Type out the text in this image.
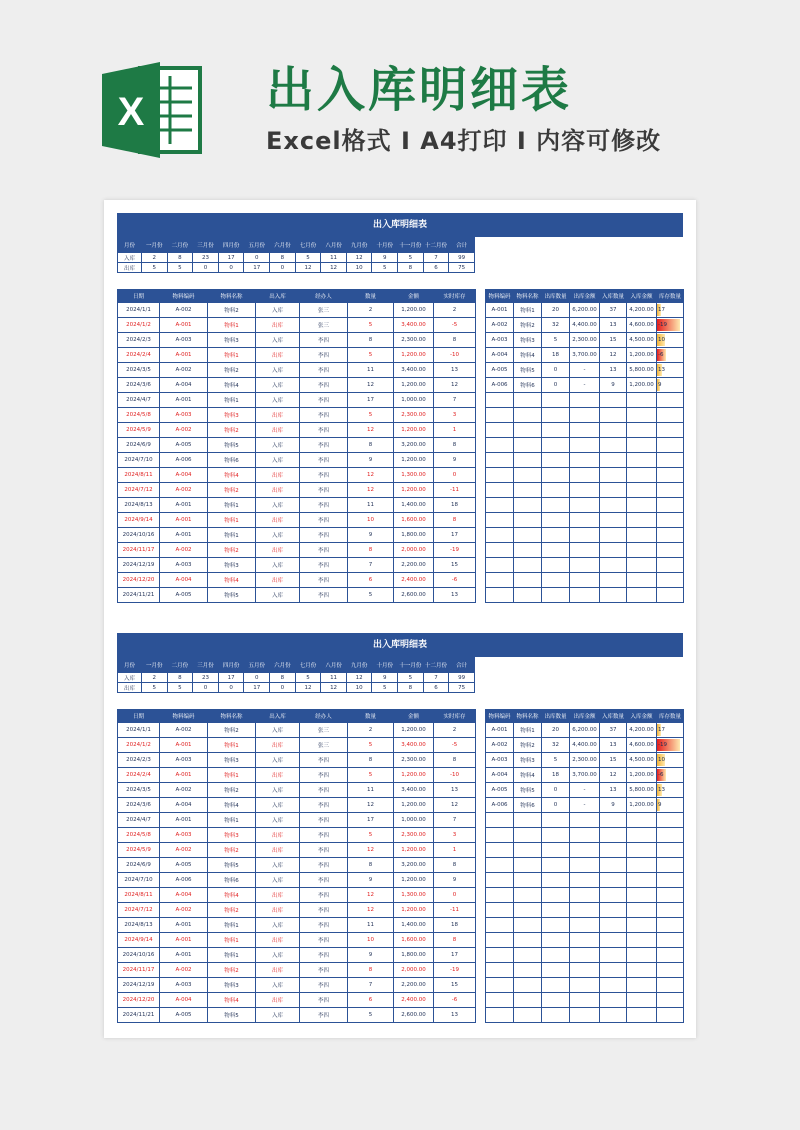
X	出入库明细表
Excel格式 I A4打印 I 内容可修改
出入库明细表
月份	一月份	二月份	三月份	四月份	五月份	六月份	七月份	八月份	九月份	十月份	十一月份	十二月份	合计
入库	2	8	23	17	0	8	5	11	12	9	5	7	99
出库	5	5	0	0	17	0	12	12	10	5	8	6	75
日期	物料编码	物料名称	出入库	经办人	数量	金额	实时库存
2024/1/1	A-002	物料2	入库	张三	2	1,200.00	2
2024/1/2	A-001	物料1	出库	张三	5	3,400.00	-5
2024/2/3	A-003	物料3	入库	李四	8	2,300.00	8
2024/2/4	A-001	物料1	出库	李四	5	1,200.00	-10
2024/3/5	A-002	物料2	入库	李四	11	3,400.00	13
2024/3/6	A-004	物料4	入库	李四	12	1,200.00	12
2024/4/7	A-001	物料1	入库	李四	17	1,000.00	7
2024/5/8	A-003	物料3	出库	李四	5	2,300.00	3
2024/5/9	A-002	物料2	出库	李四	12	1,200.00	1
2024/6/9	A-005	物料5	入库	李四	8	3,200.00	8
2024/7/10	A-006	物料6	入库	李四	9	1,200.00	9
2024/8/11	A-004	物料4	出库	李四	12	1,300.00	0
2024/7/12	A-002	物料2	出库	李四	12	1,200.00	-11
2024/8/13	A-001	物料1	入库	李四	11	1,400.00	18
2024/9/14	A-001	物料1	出库	李四	10	1,600.00	8
2024/10/16	A-001	物料1	入库	李四	9	1,800.00	17
2024/11/17	A-002	物料2	出库	李四	8	2,000.00	-19
2024/12/19	A-003	物料3	入库	李四	7	2,200.00	15
2024/12/20	A-004	物料4	出库	李四	6	2,400.00	-6
2024/11/21	A-005	物料5	入库	李四	5	2,600.00	13
物料编码	物料名称	出库数量	出库金额	入库数量	入库金额	库存数量
A-001	物料1	20	6,200.00	37	4,200.00	17
A-002	物料2	32	4,400.00	13	4,600.00	-19
A-003	物料3	5	2,300.00	15	4,500.00	10
A-004	物料4	18	3,700.00	12	1,200.00	-6
A-005	物料5	0	-	13	5,800.00	13
A-006	物料6	0	-	9	1,200.00	9

出入库明细表
月份	一月份	二月份	三月份	四月份	五月份	六月份	七月份	八月份	九月份	十月份	十一月份	十二月份	合计
入库	2	8	23	17	0	8	5	11	12	9	5	7	99
出库	5	5	0	0	17	0	12	12	10	5	8	6	75
日期	物料编码	物料名称	出入库	经办人	数量	金额	实时库存
2024/1/1	A-002	物料2	入库	张三	2	1,200.00	2
2024/1/2	A-001	物料1	出库	张三	5	3,400.00	-5
2024/2/3	A-003	物料3	入库	李四	8	2,300.00	8
2024/2/4	A-001	物料1	出库	李四	5	1,200.00	-10
2024/3/5	A-002	物料2	入库	李四	11	3,400.00	13
2024/3/6	A-004	物料4	入库	李四	12	1,200.00	12
2024/4/7	A-001	物料1	入库	李四	17	1,000.00	7
2024/5/8	A-003	物料3	出库	李四	5	2,300.00	3
2024/5/9	A-002	物料2	出库	李四	12	1,200.00	1
2024/6/9	A-005	物料5	入库	李四	8	3,200.00	8
2024/7/10	A-006	物料6	入库	李四	9	1,200.00	9
2024/8/11	A-004	物料4	出库	李四	12	1,300.00	0
2024/7/12	A-002	物料2	出库	李四	12	1,200.00	-11
2024/8/13	A-001	物料1	入库	李四	11	1,400.00	18
2024/9/14	A-001	物料1	出库	李四	10	1,600.00	8
2024/10/16	A-001	物料1	入库	李四	9	1,800.00	17
2024/11/17	A-002	物料2	出库	李四	8	2,000.00	-19
2024/12/19	A-003	物料3	入库	李四	7	2,200.00	15
2024/12/20	A-004	物料4	出库	李四	6	2,400.00	-6
2024/11/21	A-005	物料5	入库	李四	5	2,600.00	13
物料编码	物料名称	出库数量	出库金额	入库数量	入库金额	库存数量
A-001	物料1	20	6,200.00	37	4,200.00	17
A-002	物料2	32	4,400.00	13	4,600.00	-19
A-003	物料3	5	2,300.00	15	4,500.00	10
A-004	物料4	18	3,700.00	12	1,200.00	-6
A-005	物料5	0	-	13	5,800.00	13
A-006	物料6	0	-	9	1,200.00	9
